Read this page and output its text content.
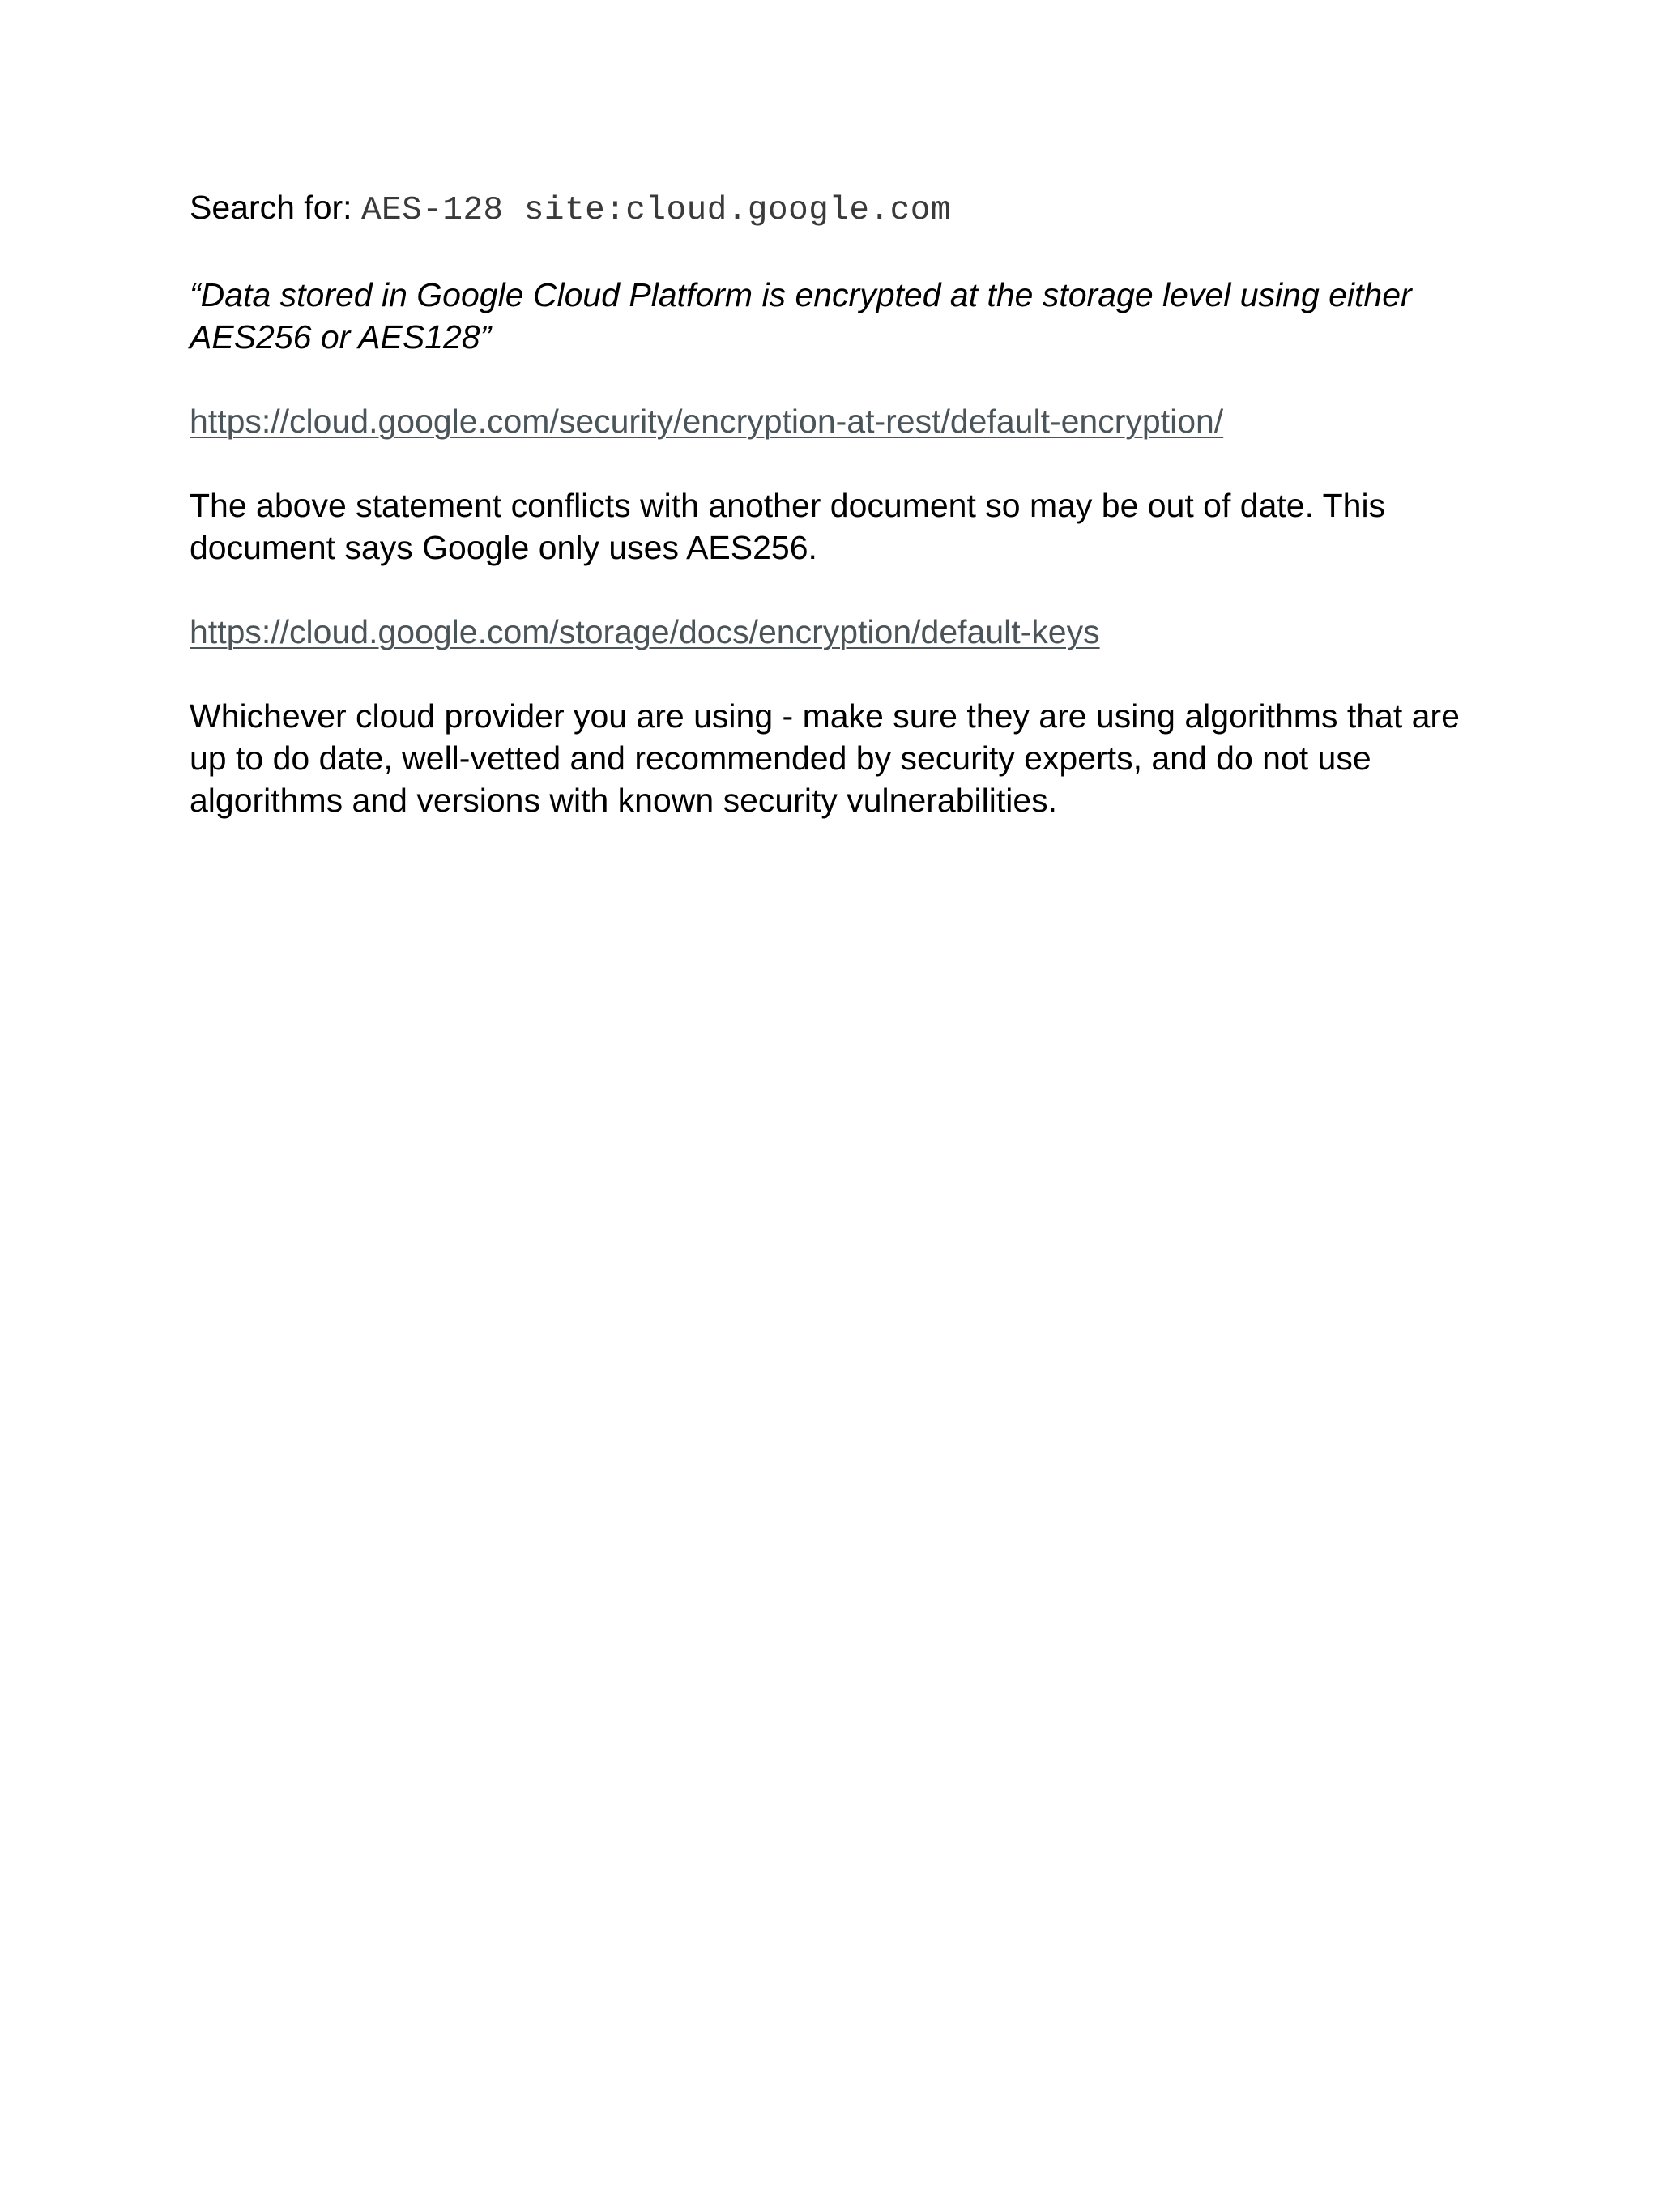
Search for: AES-128 site:cloud.google.com

“Data stored in Google Cloud Platform is encrypted at the storage level using either AES256 or AES128”

https://cloud.google.com/security/encryption-at-rest/default-encryption/

The above statement conflicts with another document so may be out of date. This document says Google only uses AES256.

https://cloud.google.com/storage/docs/encryption/default-keys

Whichever cloud provider you are using - make sure they are using algorithms that are up to do date, well-vetted and recommended by security experts, and do not use algorithms and versions with known security vulnerabilities.
